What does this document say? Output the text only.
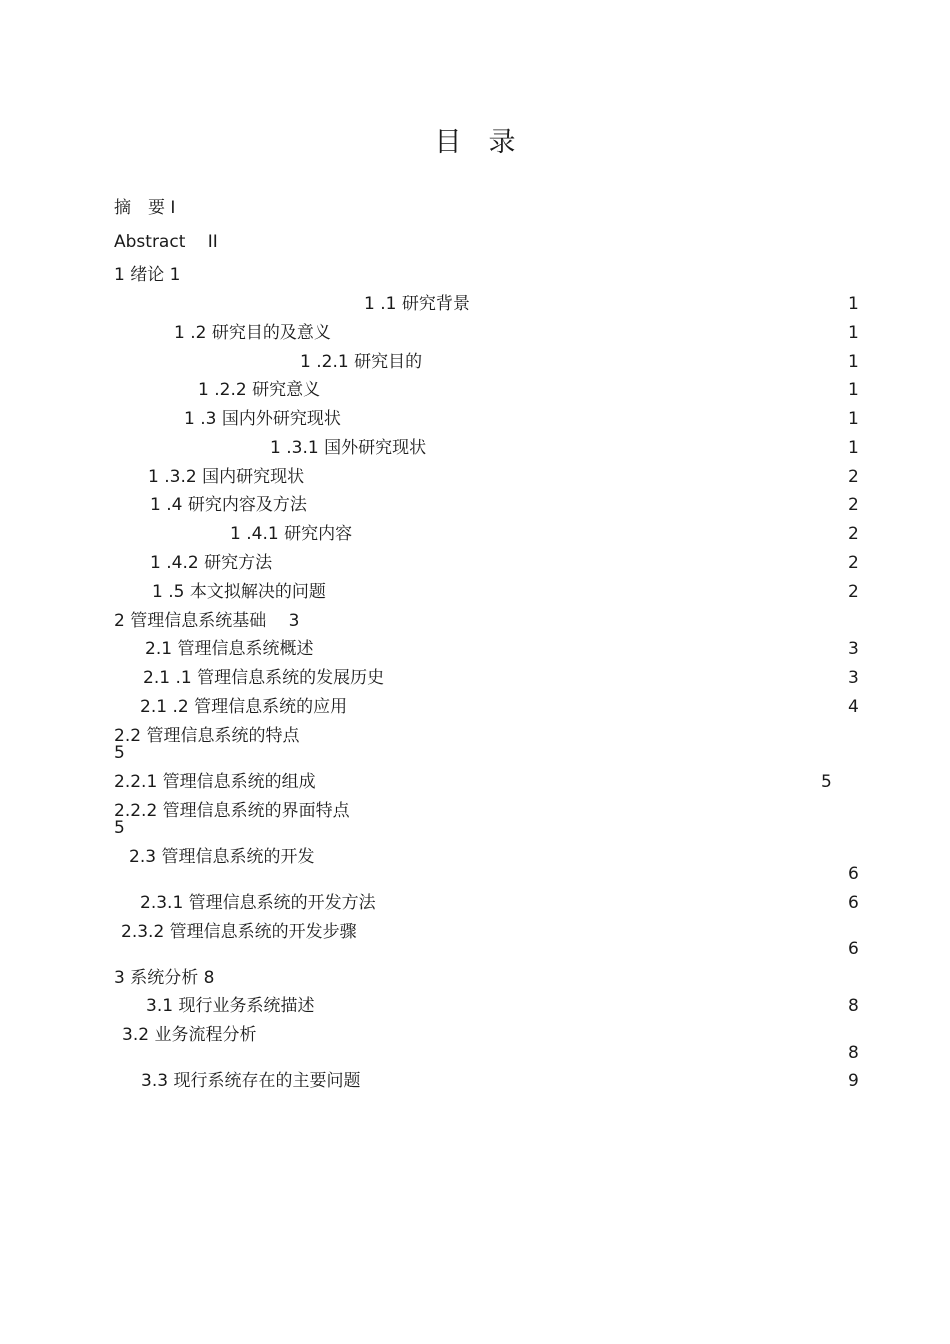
目　录
摘　要 I
Abstract　 II
1 绪论 1
1 .1 研究背景	1
1 .2 研究目的及意义	1
1 .2.1 研究目的	1
1 .2.2 研究意义	1
1 .3 国内外研究现状	1
1 .3.1 国外研究现状	1
1 .3.2 国内研究现状	2
1 .4 研究内容及方法	2
1 .4.1 研究内容	2
1 .4.2 研究方法	2
1 .5 本文拟解决的问题	2
2 管理信息系统基础　 3
2.1 管理信息系统概述	3
2.1 .1 管理信息系统的发展历史	3
2.1 .2 管理信息系统的应用	4
2.2 管理信息系统的特点
5
2.2.1 管理信息系统的组成	5
2.2.2 管理信息系统的界面特点
5
2.3 管理信息系统的开发
6
2.3.1 管理信息系统的开发方法	6
2.3.2 管理信息系统的开发步骤
6
3 系统分析 8
3.1 现行业务系统描述	8
3.2 业务流程分析
8
3.3 现行系统存在的主要问题	9
